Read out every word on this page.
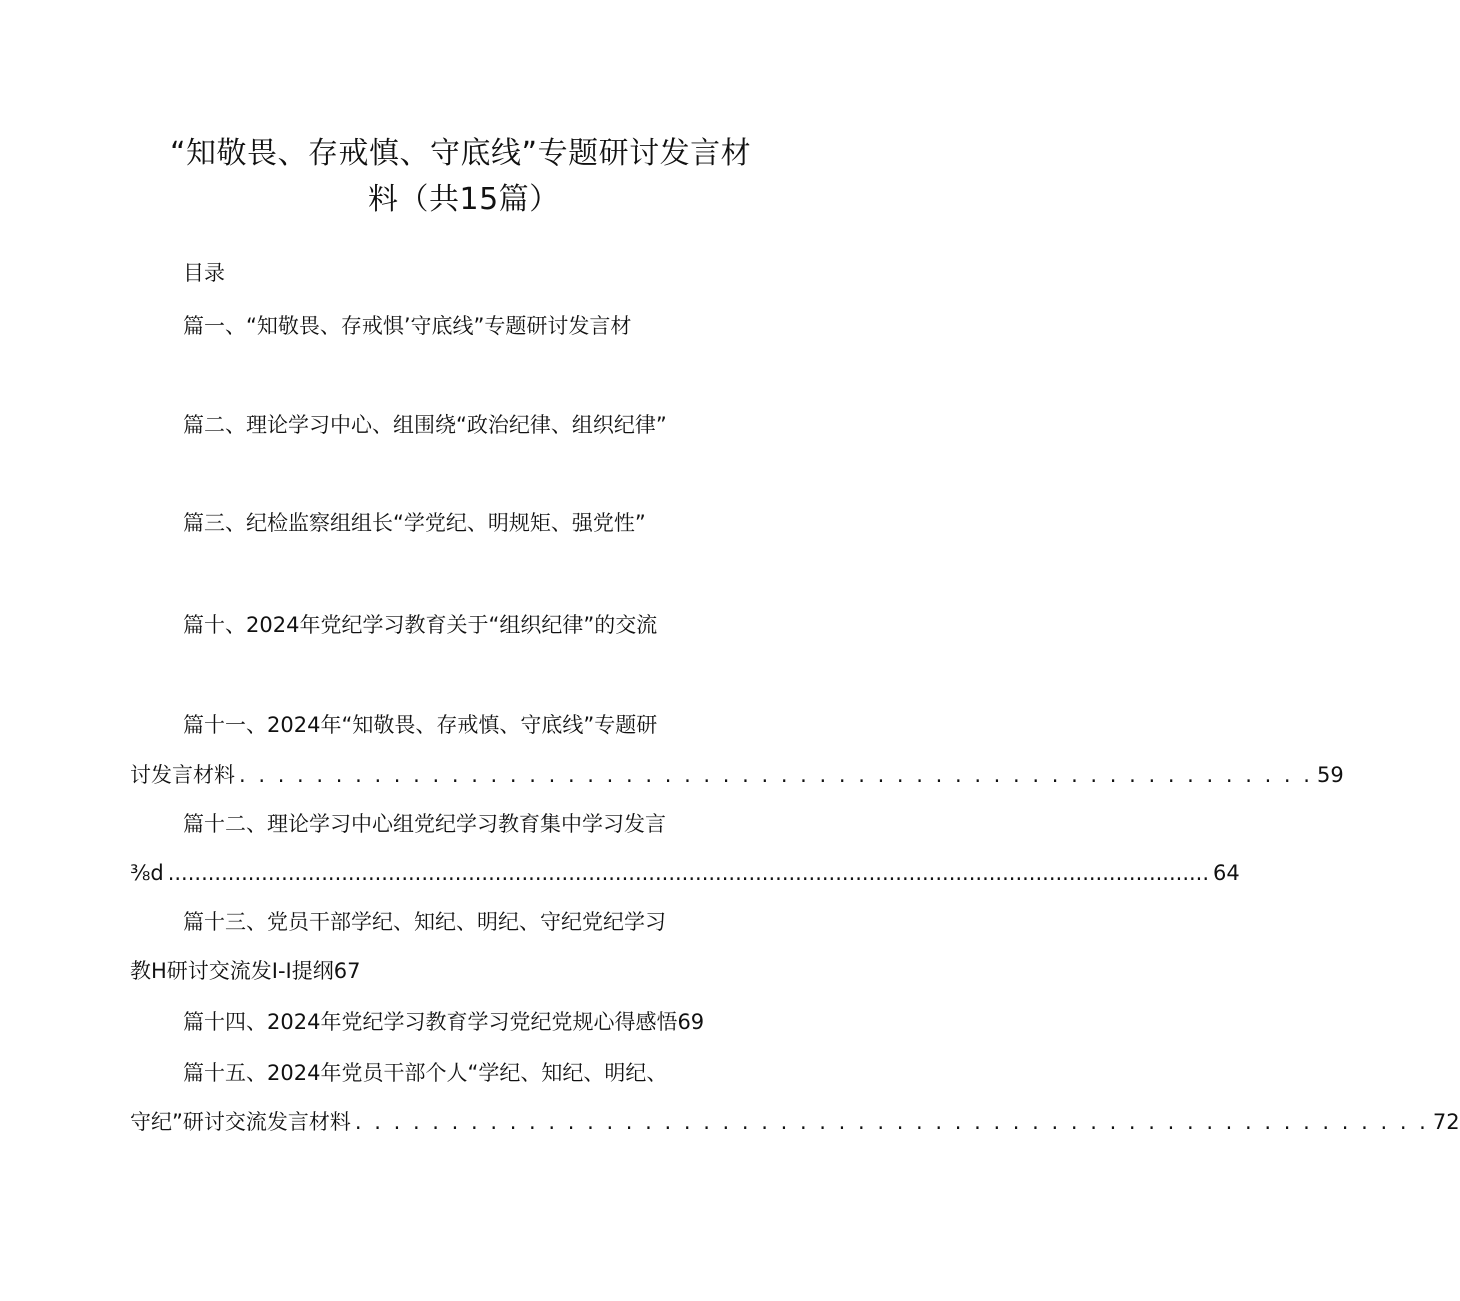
“知敬畏、存戒慎、守底线”专题研讨发言材
料（共15篇）
目录
篇一、“知敬畏、存戒惧’守底线”专题研讨发言材
篇二、理论学习中心、组围绕“政治纪律、组织纪律”
篇三、纪检监察组组长“学党纪、明规矩、强党性”
篇十、2024年党纪学习教育关于“组织纪律”的交流
篇十一、2024年“知敬畏、存戒慎、守底线”专题研
讨发言材料 . . . . . . . . . . . . . . . . . . . . . . . . . . . . . . . . . . . . . . . . . . . . . . . . . . . . . . . . 59
篇十二、理论学习中心组党纪学习教育集中学习发言
⅜d ............................................................................................................................................................ 64
篇十三、党员干部学纪、知纪、明纪、守纪党纪学习
教H研讨交流发I-I提纲67
篇十四、2024年党纪学习教育学习党纪党规心得感悟69
篇十五、2024年党员干部个人“学纪、知纪、明纪、
守纪”研讨交流发言材料 . . . . . . . . . . . . . . . . . . . . . . . . . . . . . . . . . . . . . . . . . . . . . . . . . . . . . . . . 72
